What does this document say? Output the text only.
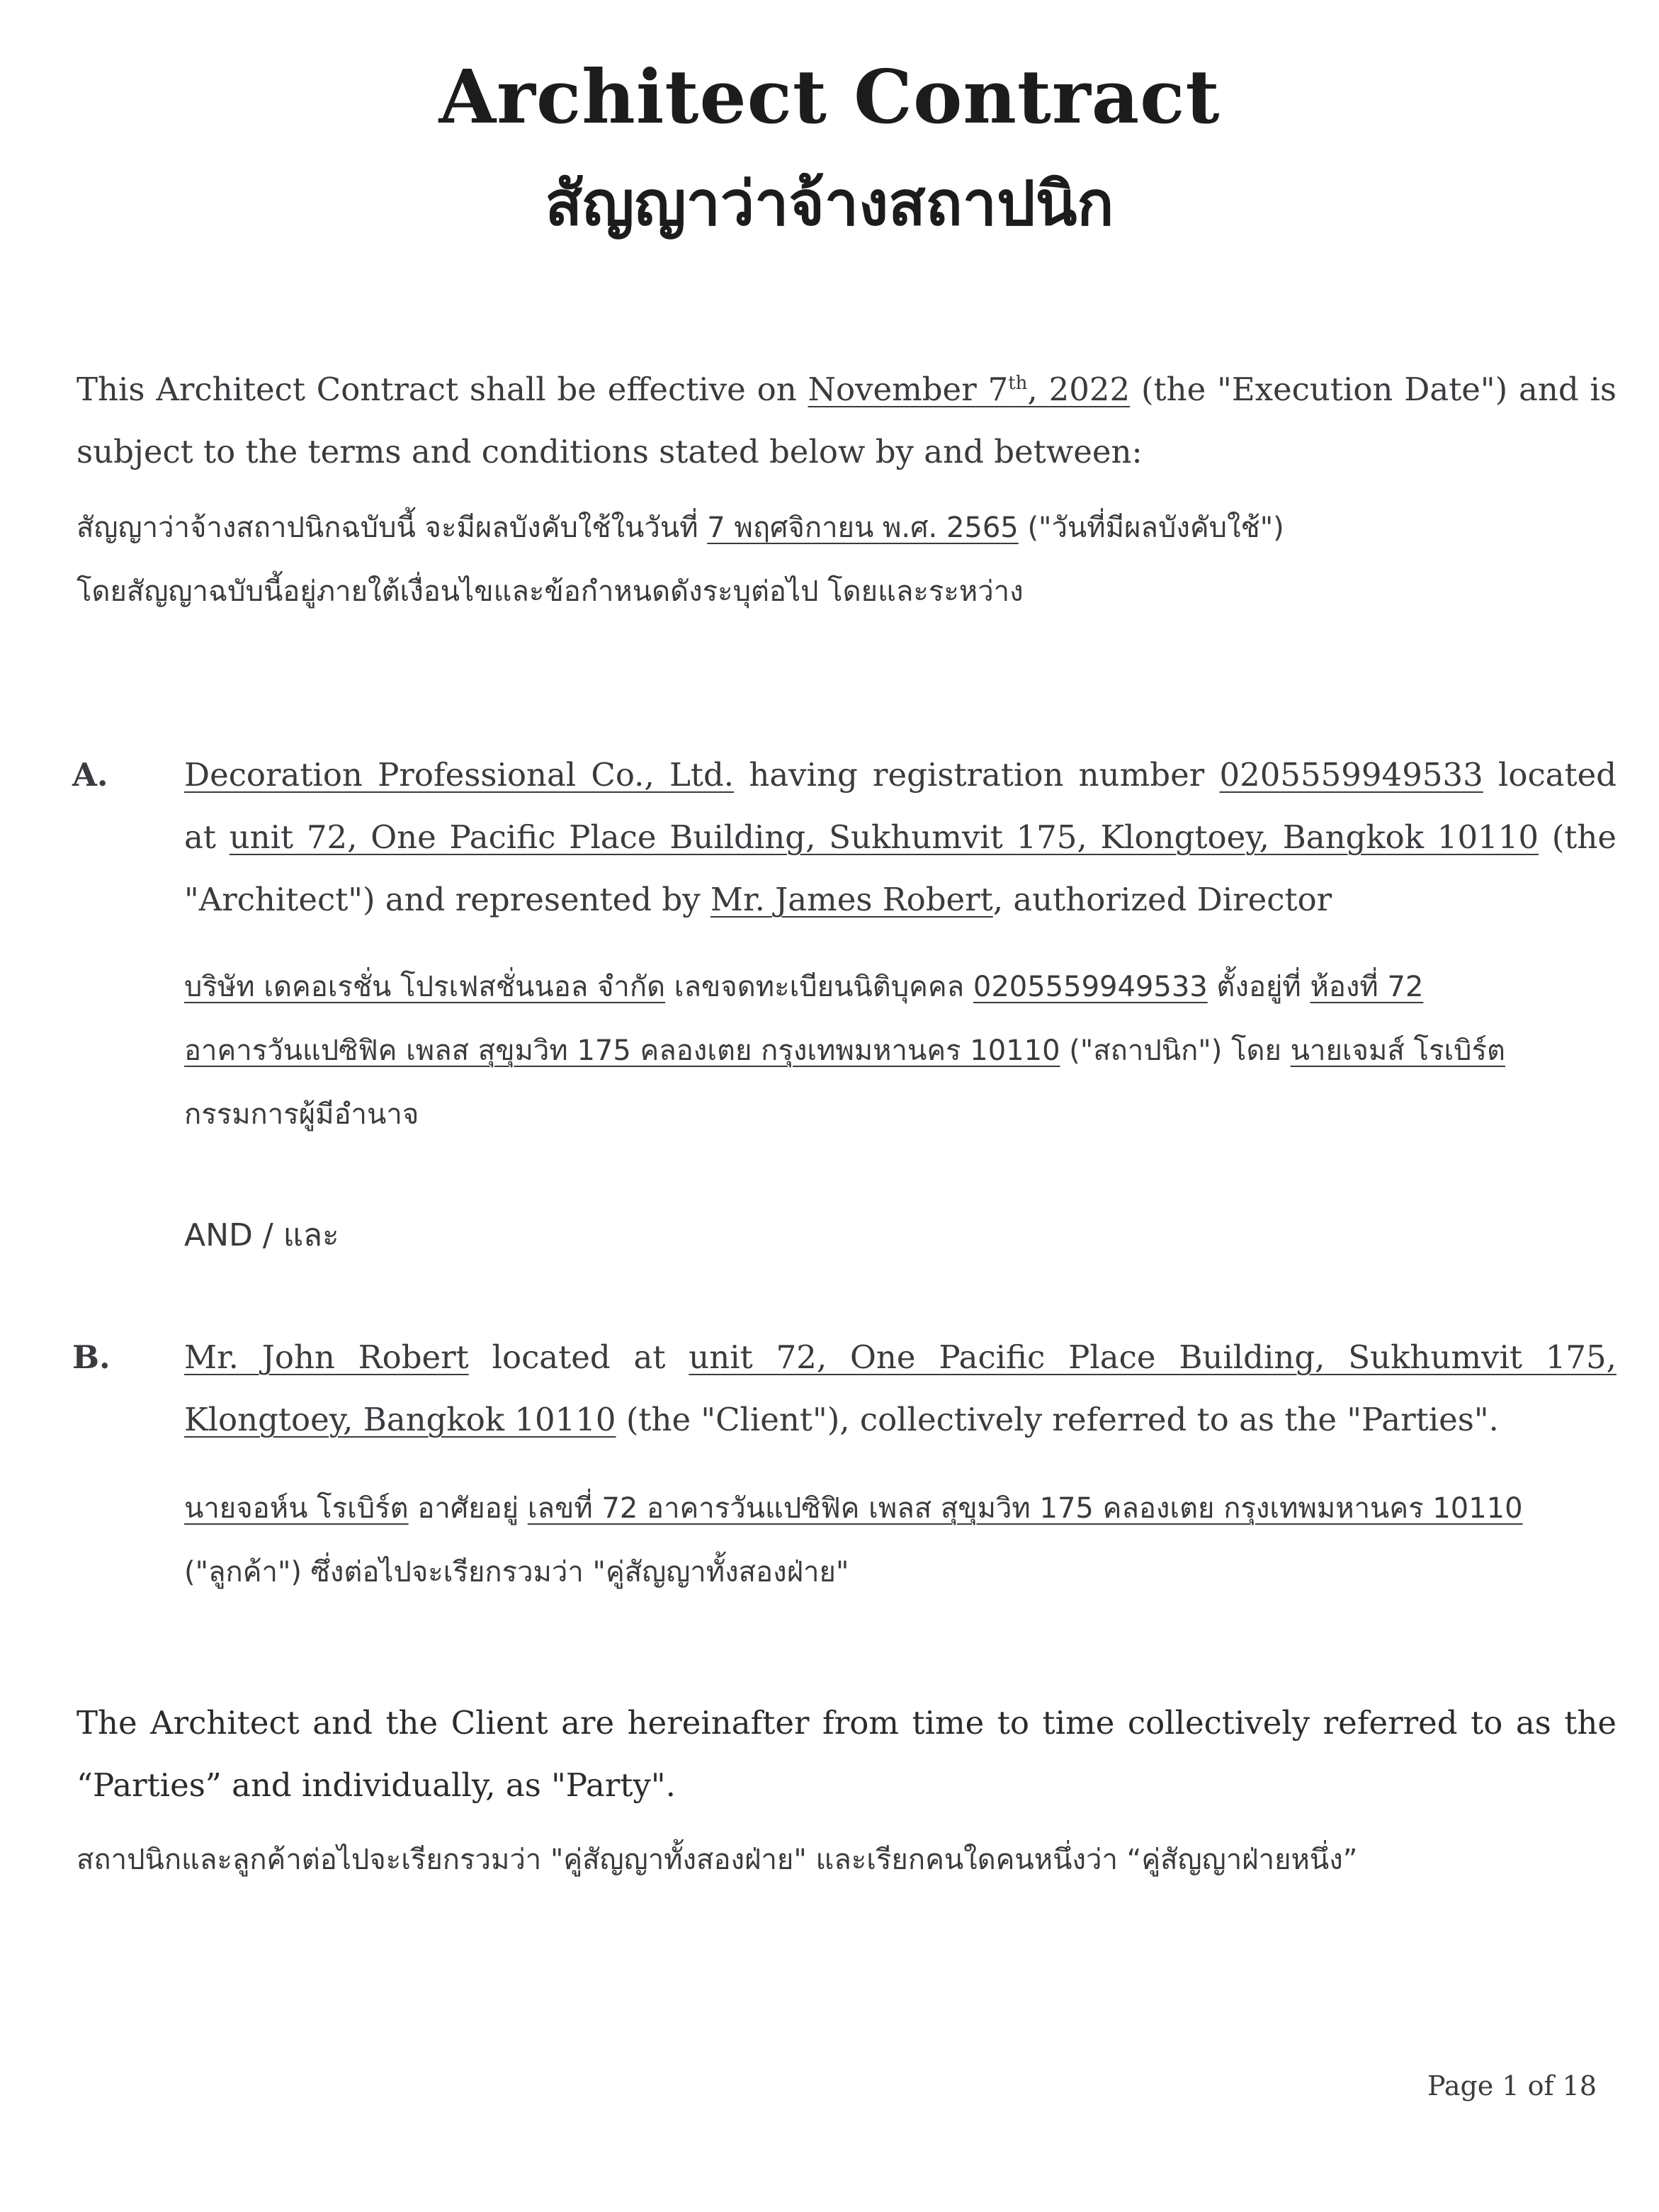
Architect Contract
สัญญาว่าจ้างสถาปนิก
This Architect Contract shall be effective on November 7th, 2022 (the "Execution Date") and is subject to the terms and conditions stated below by and between:
สัญญาว่าจ้างสถาปนิกฉบับนี้ จะมีผลบังคับใช้ในวันที่ 7 พฤศจิกายน พ.ศ. 2565 ("วันที่มีผลบังคับใช้")
โดยสัญญาฉบับนี้อยู่ภายใต้เงื่อนไขและข้อกำหนดดังระบุต่อไป โดยและระหว่าง
A. Decoration Professional Co., Ltd. having registration number 0205559949533 located at unit 72, One Pacific Place Building, Sukhumvit 175, Klongtoey, Bangkok 10110 (the "Architect") and represented by Mr. James Robert, authorized Director
บริษัท เดคอเรชั่น โปรเฟสชั่นนอล จำกัด เลขจดทะเบียนนิติบุคคล 0205559949533 ตั้งอยู่ที่ ห้องที่ 72
อาคารวันแปซิฟิค เพลส สุขุมวิท 175 คลองเตย กรุงเทพมหานคร 10110 ("สถาปนิก") โดย นายเจมส์ โรเบิร์ต
กรรมการผู้มีอำนาจ
AND / และ
B. Mr. John Robert located at unit 72, One Pacific Place Building, Sukhumvit 175, Klongtoey, Bangkok 10110 (the "Client"), collectively referred to as the "Parties".
นายจอห์น โรเบิร์ต อาศัยอยู่ เลขที่ 72 อาคารวันแปซิฟิค เพลส สุขุมวิท 175 คลองเตย กรุงเทพมหานคร 10110
("ลูกค้า") ซึ่งต่อไปจะเรียกรวมว่า "คู่สัญญาทั้งสองฝ่าย"
The Architect and the Client are hereinafter from time to time collectively referred to as the “Parties” and individually, as "Party".
สถาปนิกและลูกค้าต่อไปจะเรียกรวมว่า "คู่สัญญาทั้งสองฝ่าย" และเรียกคนใดคนหนึ่งว่า “คู่สัญญาฝ่ายหนึ่ง”
Page 1 of 18
